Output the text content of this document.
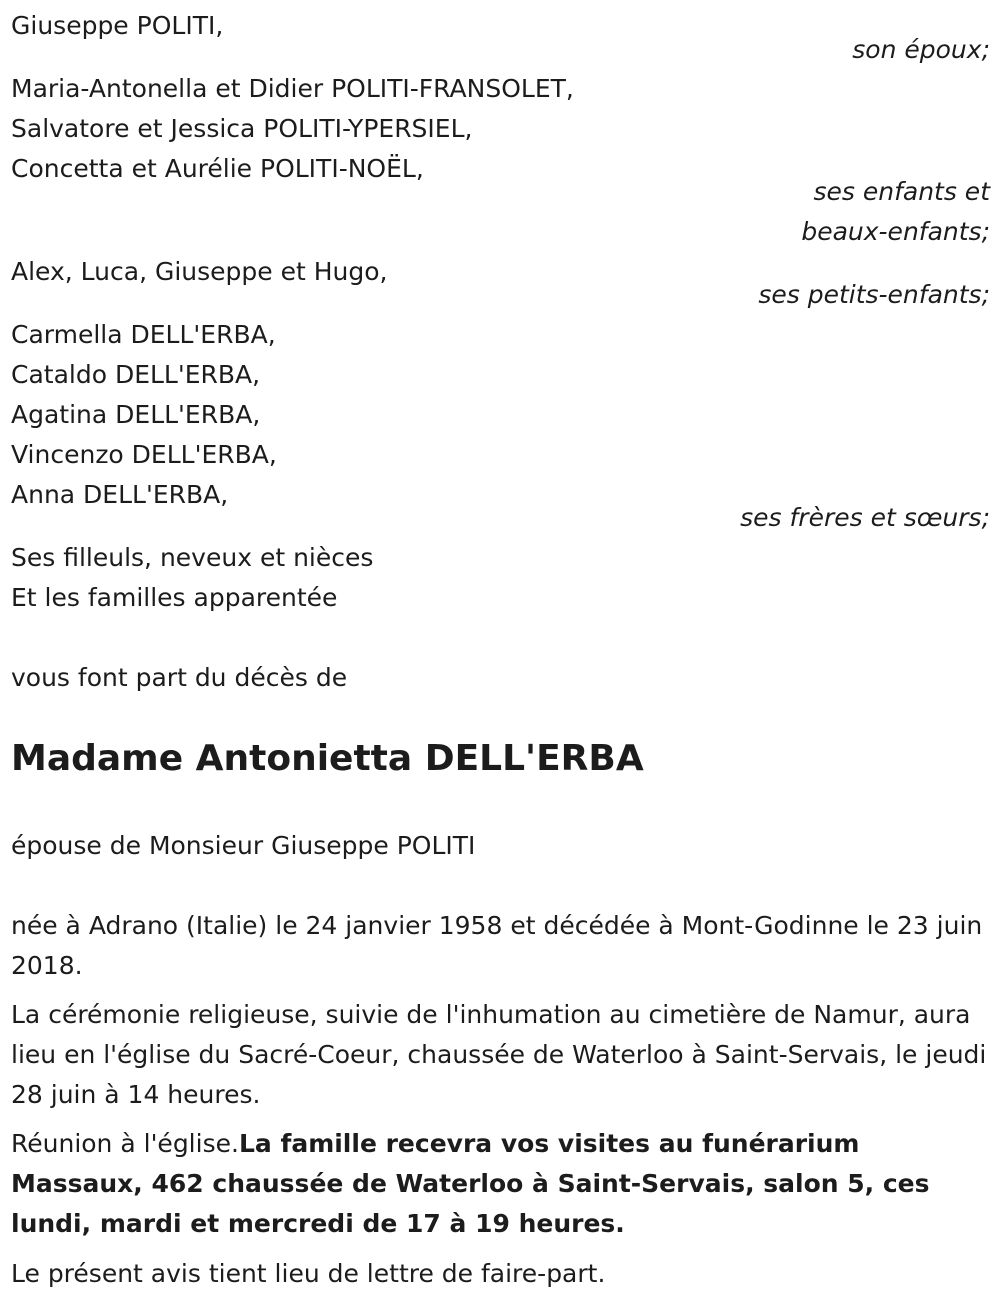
Giuseppe POLITI,
son époux;
Maria-Antonella et Didier POLITI-FRANSOLET,
Salvatore et Jessica POLITI-YPERSIEL,
Concetta et Aurélie POLITI-NOËL,
ses enfants et
beaux-enfants;
Alex, Luca, Giuseppe et Hugo,
ses petits-enfants;
Carmella DELL'ERBA,
Cataldo DELL'ERBA,
Agatina DELL'ERBA,
Vincenzo DELL'ERBA,
Anna DELL'ERBA,
ses frères et sœurs;
Ses filleuls, neveux et nièces
Et les familles apparentée
vous font part du décès de
Madame Antonietta DELL'ERBA
épouse de Monsieur Giuseppe POLITI
née à Adrano (Italie) le 24 janvier 1958 et décédée à Mont-Godinne le 23 juin 2018.
La cérémonie religieuse, suivie de l'inhumation au cimetière de Namur, aura lieu en l'église du Sacré-Coeur, chaussée de Waterloo à Saint-Servais, le jeudi 28 juin à 14 heures.
Réunion à l'église.La famille recevra vos visites au funérarium Massaux, 462 chaussée de Waterloo à Saint-Servais, salon 5, ces lundi, mardi et mercredi de 17 à 19 heures.
Le présent avis tient lieu de lettre de faire-part.
